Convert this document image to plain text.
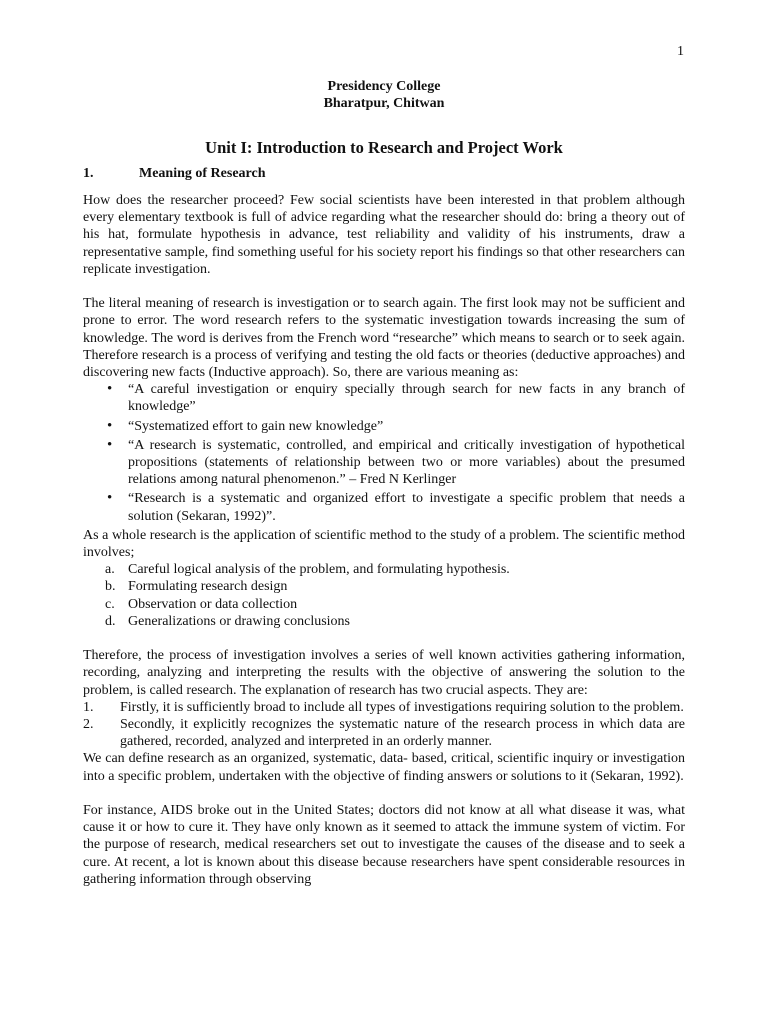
1
Presidency College
Bharatpur, Chitwan
Unit I: Introduction to Research and Project Work
1.	Meaning of Research

How does the researcher proceed? Few social scientists have been interested in that problem although every elementary textbook is full of advice regarding what the researcher should do: bring a theory out of his hat, formulate hypothesis in advance, test reliability and validity of his instruments, draw a representative sample, find something useful for his society report his findings so that other researchers can replicate investigation.

The literal meaning of research is investigation or to search again. The first look may not be sufficient and prone to error. The word research refers to the systematic investigation towards increasing the sum of knowledge. The word is derives from the French word “researche” which means to search or to seek again. Therefore research is a process of verifying and testing the old facts or theories (deductive approaches) and discovering new facts (Inductive approach). So, there are various meaning as:

• “A careful investigation or enquiry specially through search for new facts in any branch of knowledge”
• “Systematized effort to gain new knowledge”
• “A research is systematic, controlled, and empirical and critically investigation of hypothetical propositions (statements of relationship between two or more variables) about the presumed relations among natural phenomenon.” – Fred N Kerlinger
• “Research is a systematic and organized effort to investigate a specific problem that needs a solution (Sekaran, 1992)”.

As a whole research is the application of scientific method to the study of a problem. The scientific method involves;

a. Careful logical analysis of the problem, and formulating hypothesis.
b. Formulating research design
c. Observation or data collection
d. Generalizations or drawing conclusions

Therefore, the process of investigation involves a series of well known activities gathering information, recording, analyzing and interpreting the results with the objective of answering the solution to the problem, is called research. The explanation of research has two crucial aspects. They are:

1. Firstly, it is sufficiently broad to include all types of investigations requiring solution to the problem.
2. Secondly, it explicitly recognizes the systematic nature of the research process in which data are gathered, recorded, analyzed and interpreted in an orderly manner.

We can define research as an organized, systematic, data- based, critical, scientific inquiry or investigation into a specific problem, undertaken with the objective of finding answers or solutions to it (Sekaran, 1992).

For instance, AIDS broke out in the United States; doctors did not know at all what disease it was, what cause it or how to cure it. They have only known as it seemed to attack the immune system of victim. For the purpose of research, medical researchers set out to investigate the causes of the disease and to seek a cure. At recent, a lot is known about this disease because researchers have spent considerable resources in gathering information through observing
